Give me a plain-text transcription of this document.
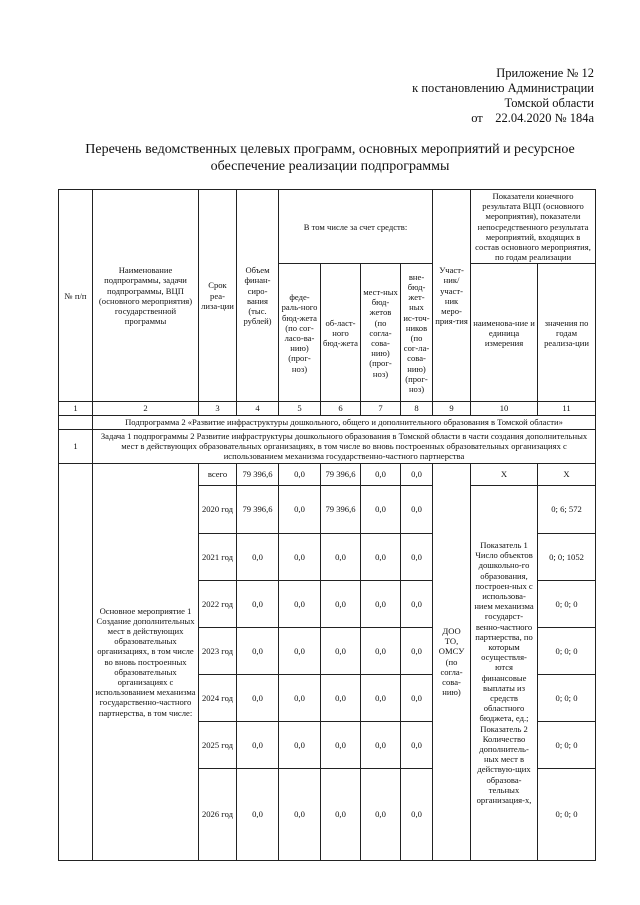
Приложение № 12
к постановлению Администрации
Томской области
от    22.04.2020 № 184а
Перечень ведомственных целевых программ, основных мероприятий и ресурсное
обеспечение реализации подпрограммы
№ п/п	Наименование подпрограммы, задачи подпрограммы, ВЦП (основного мероприятия) государственной программы	Срок реа-лиза-ции	Объем финан-сиро-вания (тыс. рублей)	В том числе за счет средств:				Участ-ник/ участ-ник меро-прия-тия	Показатели конечного результата ВЦП (основного мероприятия), показатели непосредственного результата мероприятий, входящих в состав основного мероприятия, по годам реализации	
				феде-раль-ного бюд-жета (по сог-ласо-ва-нию) (прог-ноз)	об-ласт-ного бюд-жета	мест-ных бюд-жетов (по согла-сова-нию) (прог-ноз)	вне-бюд-жет-ных ис-точ-ников (по сог-ла-сова-нию) (прог-ноз)		наименова-ние и единица измерения	значения по годам реализа-ции

1	2	3	4	5	6	7	8	9	10	11
	Подпрограмма 2 «Развитие инфраструктуры дошкольного, общего и дополнительного образования в Томской области»									
1	Задача 1 подпрограммы 2 Развитие инфраструктуры дошкольного образования в Томской области в части создания дополнительных мест в действующих образовательных организациях, в том числе во вновь построенных образовательных организациях с использованием механизма государственно-частного партнерства									
	Основное мероприятие 1 Создание дополнительных мест в действующих образовательных организациях, в том числе во вновь построенных образовательных организациях с использованием механизма государственно-частного партнерства, в том числе:	всего	79 396,6	0,0	79 396,6	0,0	0,0	ДОО ТО, ОМСУ (по согла-сова-нию)	Х	Х
		2020 год	79 396,6	0,0	79 396,6	0,0	0,0		Показатель 1 Число объектов дошкольно-го образования, построен-ных с использова-нием механизма государст-венно-частного партнерства, по которым осуществля-ются финансовые выплаты из средств областного бюджета, ед.; Показатель 2 Количество дополнитель-ных мест в действую-щих образова-тельных организация-х,	0; 6; 572
		2021 год	0,0	0,0	0,0	0,0	0,0			0; 0; 1052
		2022 год	0,0	0,0	0,0	0,0	0,0			0; 0; 0
		2023 год	0,0	0,0	0,0	0,0	0,0			0; 0; 0
		2024 год	0,0	0,0	0,0	0,0	0,0			0; 0; 0
		2025 год	0,0	0,0	0,0	0,0	0,0			0; 0; 0
		2026 год	0,0	0,0	0,0	0,0	0,0			0; 0; 0
